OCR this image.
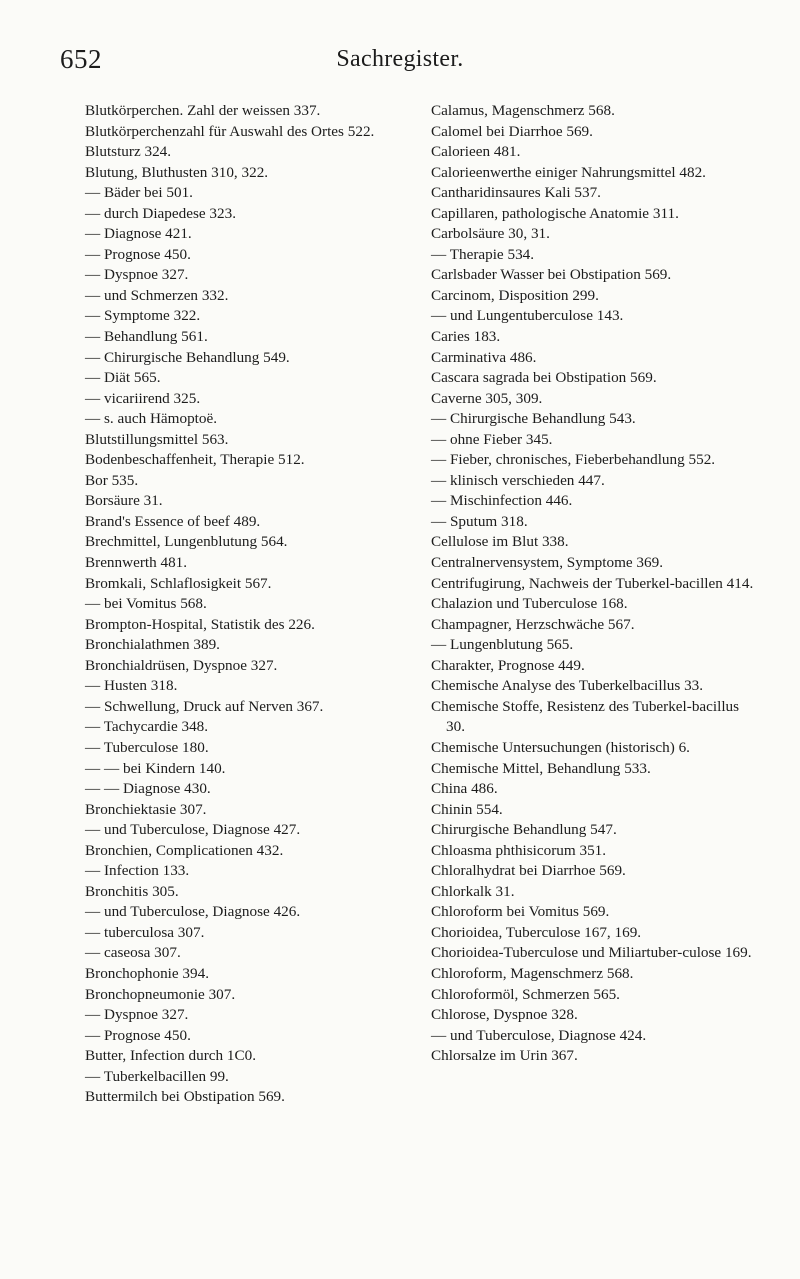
652	Sachregister.

Blutkörperchen. Zahl der weissen 337.

Blutkörperchenzahl für Auswahl des Ortes 522.

Blutsturz 324.

Blutung, Bluthusten 310, 322.

— Bäder bei 501.

— durch Diapedese 323.

— Diagnose 421.

— Prognose 450.

— Dyspnoe 327.

— und Schmerzen 332.

— Symptome 322.

— Behandlung 561.

— Chirurgische Behandlung 549.

— Diät 565.

— vicariirend 325.

— s. auch Hämoptoë.

Blutstillungsmittel 563.

Bodenbeschaffenheit, Therapie 512.

Bor 535.

Borsäure 31.

Brand's Essence of beef 489.

Brechmittel, Lungenblutung 564.

Brennwerth 481.

Bromkali, Schlaflosigkeit 567.

— bei Vomitus 568.

Brompton-Hospital, Statistik des 226.

Bronchialathmen 389.

Bronchialdrüsen, Dyspnoe 327.

— Husten 318.

— Schwellung, Druck auf Nerven 367.

— Tachycardie 348.

— Tuberculose 180.

— — bei Kindern 140.

— — Diagnose 430.

Bronchiektasie 307.

— und Tuberculose, Diagnose 427.

Bronchien, Complicationen 432.

— Infection 133.

Bronchitis 305.

— und Tuberculose, Diagnose 426.

— tuberculosa 307.

— caseosa 307.

Bronchophonie 394.

Bronchopneumonie 307.

— Dyspnoe 327.

— Prognose 450.

Butter, Infection durch 1C0.

— Tuberkelbacillen 99.

Buttermilch bei Obstipation 569.

Calamus, Magenschmerz 568.

Calomel bei Diarrhoe 569.

Calorieen 481.

Calorieenwerthe einiger Nahrungsmittel 482.

Cantharidinsaures Kali 537.

Capillaren, pathologische Anatomie 311.

Carbolsäure 30, 31.

— Therapie 534.

Carlsbader Wasser bei Obstipation 569.

Carcinom, Disposition 299.

— und Lungentuberculose 143.

Caries 183.

Carminativa 486.

Cascara sagrada bei Obstipation 569.

Caverne 305, 309.

— Chirurgische Behandlung 543.

— ohne Fieber 345.

— Fieber, chronisches, Fieberbehandlung 552.

— klinisch verschieden 447.

— Mischinfection 446.

— Sputum 318.

Cellulose im Blut 338.

Centralnervensystem, Symptome 369.

Centrifugirung, Nachweis der Tuberkel-bacillen 414.

Chalazion und Tuberculose 168.

Champagner, Herzschwäche 567.

— Lungenblutung 565.

Charakter, Prognose 449.

Chemische Analyse des Tuberkelbacillus 33.

Chemische Stoffe, Resistenz des Tuberkel-bacillus 30.

Chemische Untersuchungen (historisch) 6.

Chemische Mittel, Behandlung 533.

China 486.

Chinin 554.

Chirurgische Behandlung 547.

Chloasma phthisicorum 351.

Chloralhydrat bei Diarrhoe 569.

Chlorkalk 31.

Chloroform bei Vomitus 569.

Chorioidea, Tuberculose 167, 169.

Chorioidea-Tuberculose und Miliartuber-culose 169.

Chloroform, Magenschmerz 568.

Chloroformöl, Schmerzen 565.

Chlorose, Dyspnoe 328.

— und Tuberculose, Diagnose 424.

Chlorsalze im Urin 367.
